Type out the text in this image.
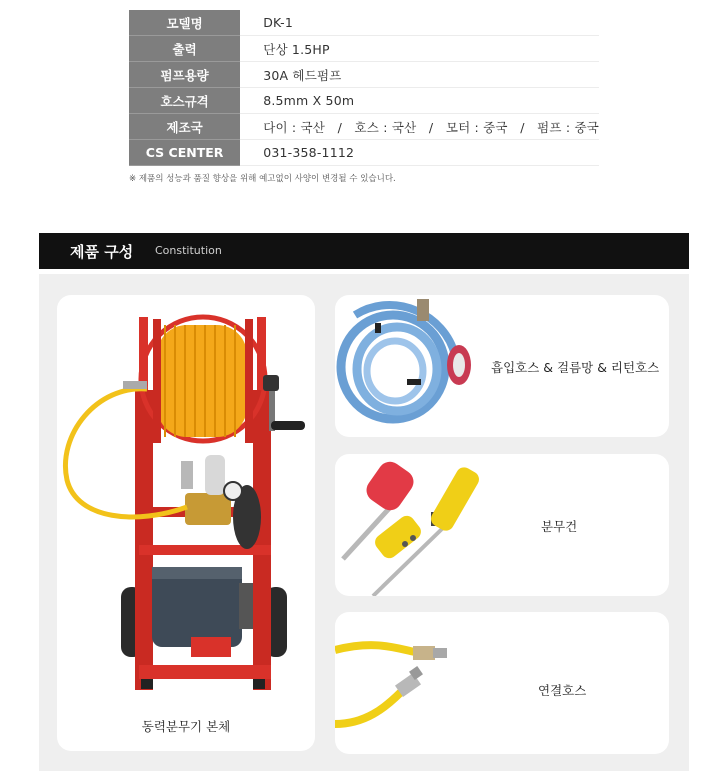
모델명	DK-1
출력	단상 1.5HP
펌프용량	30A 헤드펌프
호스규격	8.5mm X 50m
제조국	다이 : 국산   /   호스 : 국산   /   모터 : 중국   /   펌프 : 중국
CS CENTER	031-358-1112
※ 제품의 성능과 품질 향상을 위해 예고없이 사양이 변경될 수 있습니다.
제품 구성 Constitution
동력분무기 본체
흡입호스 & 걸름망 & 리턴호스
분무건
연결호스
